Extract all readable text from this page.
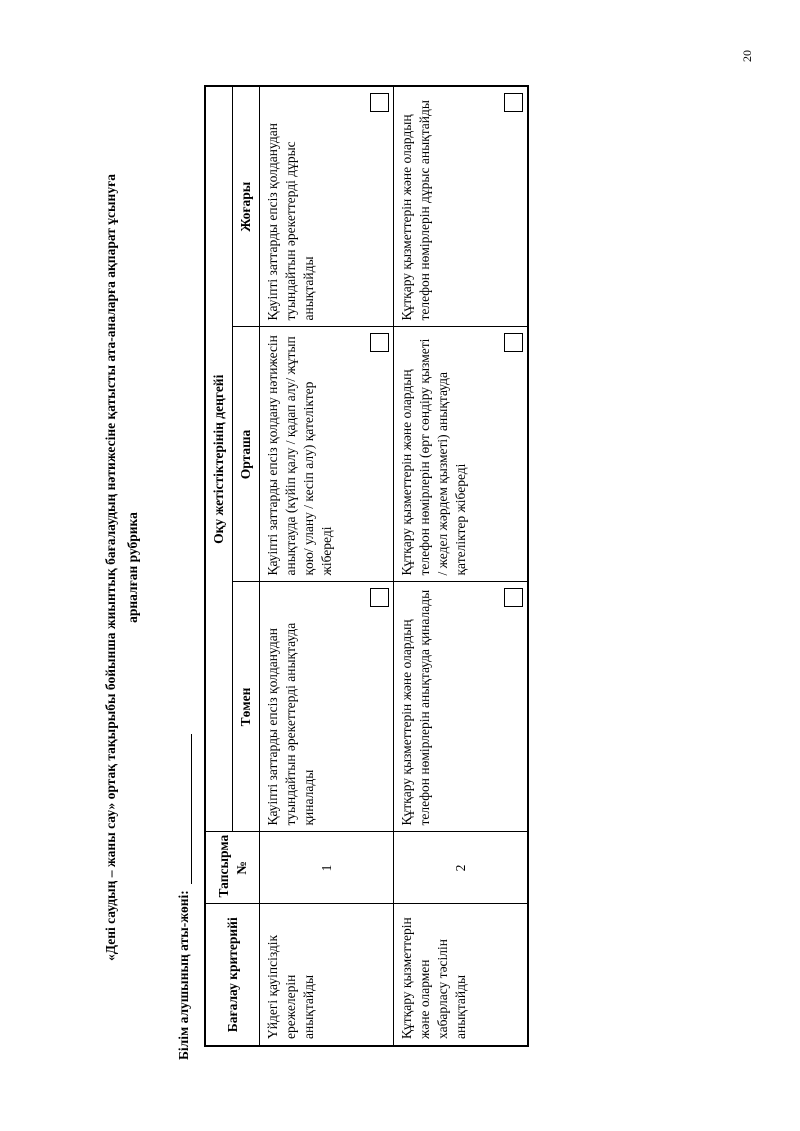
20

«Дені саудың – жаны сау» ортақ тақырыбы бойынша жиынтық бағалаудың нәтижесіне қатысты ата-аналарға ақпарат ұсынуға арналған рубрика

Білім алушының аты-жөні: Бағалау критерийі	Тапсырма №	Оқу жетістіктерінің деңгейі		
		Төмен	Орташа	Жоғары
Үйдегі қауіпсіздік ережелерін анықтайды	1	Қауіпті заттарды епсіз қолданудан туындайтын әрекеттерді анықтауда қиналады	Қауіпті заттарды епсіз қолдану нәтижесін анықтауда (күйіп қалу / қадап алу/ жұтып қою/ улану / кесіп алу) қателіктер жібереді	Қауіпті заттарды епсіз қолданудан туындайтын әрекеттерді дұрыс анықтайды

Құтқару қызметтерін және олармен хабарласу тәсілін анықтайды	2	Құтқару қызметтерін және олардың телефон нөмірлерін анықтауда қиналады	Құтқару қызметтерін және олардың телефон нөмірлерін (өрт сөндіру қызметі / жедел жәрдем қызметі) анықтауда қателіктер жібереді	Құтқару қызметтерін және олардың телефон нөмірлерін дұрыс анықтайды
